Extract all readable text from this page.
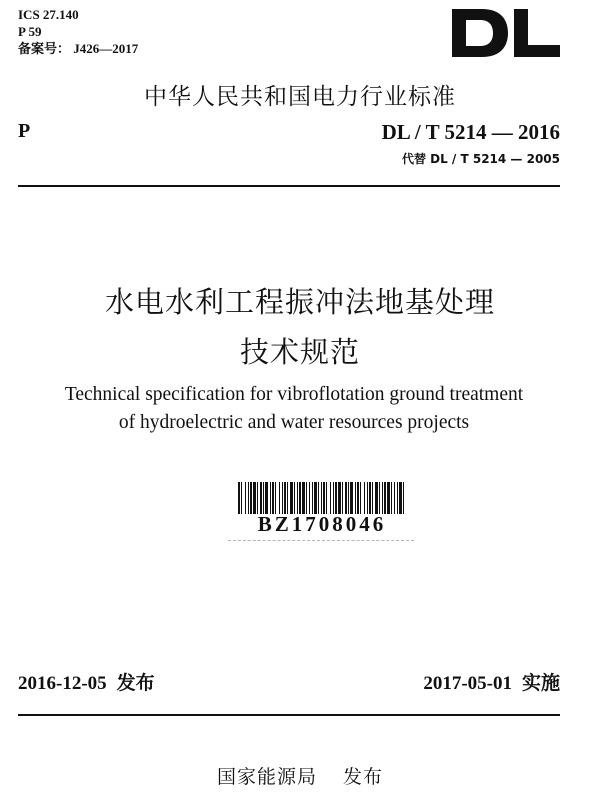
ICS 27.140
P 59
备案号： J426—2017
中华人民共和国电力行业标准
P	DL / T 5214 — 2016
代替 DL / T 5214 — 2005
水电水利工程振冲法地基处理
技术规范
Technical specification for vibroflotation ground treatment
of hydroelectric and water resources projects
BZ1708046
2016-12-05 发布	2017-05-01 实施
国家能源局 发布
